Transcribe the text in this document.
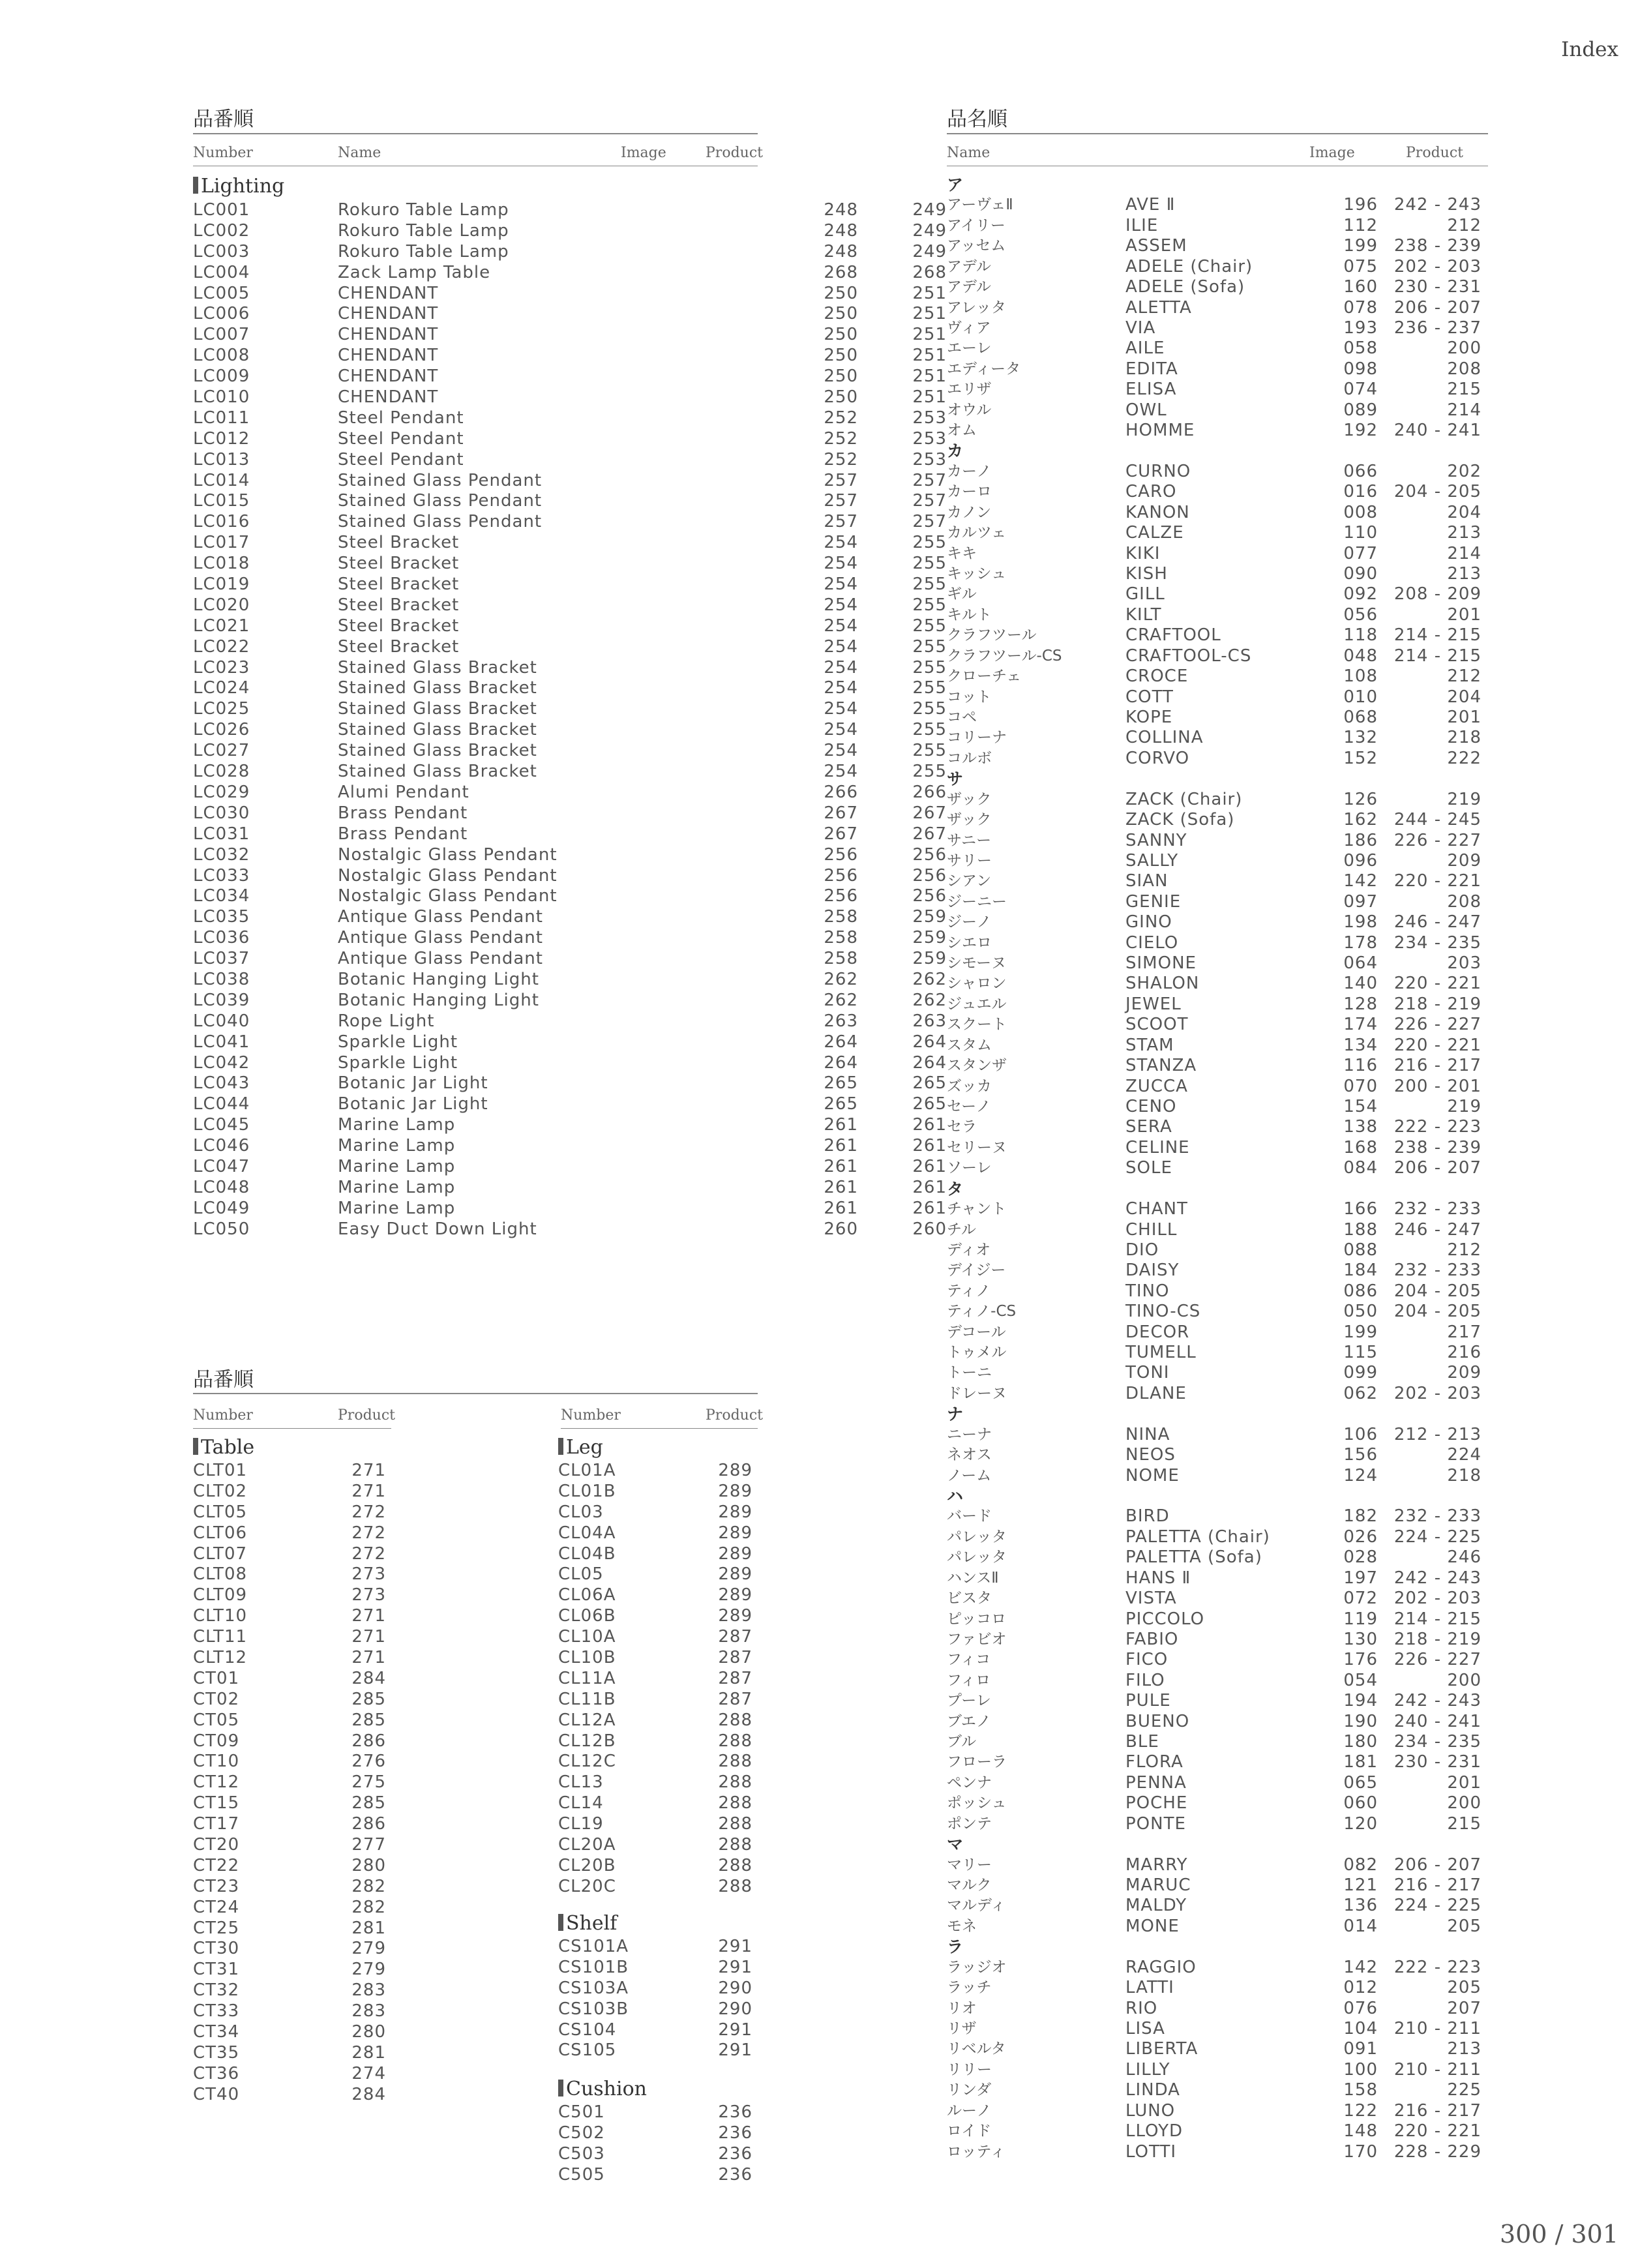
Index
300 / 301
品番順
Number	Name	Image	Product
Lighting
LC001	Rokuro Table Lamp	248	249
LC002	Rokuro Table Lamp	248	249
LC003	Rokuro Table Lamp	248	249
LC004	Zack Lamp Table	268	268
LC005	CHENDANT	250	251
LC006	CHENDANT	250	251
LC007	CHENDANT	250	251
LC008	CHENDANT	250	251
LC009	CHENDANT	250	251
LC010	CHENDANT	250	251
LC011	Steel Pendant	252	253
LC012	Steel Pendant	252	253
LC013	Steel Pendant	252	253
LC014	Stained Glass Pendant	257	257
LC015	Stained Glass Pendant	257	257
LC016	Stained Glass Pendant	257	257
LC017	Steel Bracket	254	255
LC018	Steel Bracket	254	255
LC019	Steel Bracket	254	255
LC020	Steel Bracket	254	255
LC021	Steel Bracket	254	255
LC022	Steel Bracket	254	255
LC023	Stained Glass Bracket	254	255
LC024	Stained Glass Bracket	254	255
LC025	Stained Glass Bracket	254	255
LC026	Stained Glass Bracket	254	255
LC027	Stained Glass Bracket	254	255
LC028	Stained Glass Bracket	254	255
LC029	Alumi Pendant	266	266
LC030	Brass Pendant	267	267
LC031	Brass Pendant	267	267
LC032	Nostalgic Glass Pendant	256	256
LC033	Nostalgic Glass Pendant	256	256
LC034	Nostalgic Glass Pendant	256	256
LC035	Antique Glass Pendant	258	259
LC036	Antique Glass Pendant	258	259
LC037	Antique Glass Pendant	258	259
LC038	Botanic Hanging Light	262	262
LC039	Botanic Hanging Light	262	262
LC040	Rope Light	263	263
LC041	Sparkle Light	264	264
LC042	Sparkle Light	264	264
LC043	Botanic Jar Light	265	265
LC044	Botanic Jar Light	265	265
LC045	Marine Lamp	261	261
LC046	Marine Lamp	261	261
LC047	Marine Lamp	261	261
LC048	Marine Lamp	261	261
LC049	Marine Lamp	261	261
LC050	Easy Duct Down Light	260	260
品番順
Number	Product	Number	Product
Table
CLT01	271
CLT02	271
CLT05	272
CLT06	272
CLT07	272
CLT08	273
CLT09	273
CLT10	271
CLT11	271
CLT12	271
CT01	284
CT02	285
CT05	285
CT09	286
CT10	276
CT12	275
CT15	285
CT17	286
CT20	277
CT22	280
CT23	282
CT24	282
CT25	281
CT30	279
CT31	279
CT32	283
CT33	283
CT34	280
CT35	281
CT36	274
CT40	284
Leg
CL01A	289
CL01B	289
CL03	289
CL04A	289
CL04B	289
CL05	289
CL06A	289
CL06B	289
CL10A	287
CL10B	287
CL11A	287
CL11B	287
CL12A	288
CL12B	288
CL12C	288
CL13	288
CL14	288
CL19	288
CL20A	288
CL20B	288
CL20C	288
Shelf
CS101A	291
CS101B	291
CS103A	290
CS103B	290
CS104	291
CS105	291
Cushion
C501	236
C502	236
C503	236
C505	236
品名順
Name	Image	Product
ア
アーヴェⅡ	AVE Ⅱ	196 242 - 243
アイリー	ILIE	112	212
アッセム	ASSEM	199 238 - 239
アデル	ADELE (Chair)	075 202 - 203
アデル	ADELE (Sofa)	160 230 - 231
アレッタ	ALETTA	078 206 - 207
ヴィア	VIA	193 236 - 237
エーレ	AILE	058	200
エディータ	EDITA	098	208
エリザ	ELISA	074	215
オウル	OWL	089	214
オム	HOMME	192 240 - 241
カ
カーノ	CURNO	066	202
カーロ	CARO	016 204 - 205
カノン	KANON	008	204
カルツェ	CALZE	110	213
キキ	KIKI	077	214
キッシュ	KISH	090	213
ギル	GILL	092 208 - 209
キルト	KILT	056	201
クラフツール	CRAFTOOL	118 214 - 215
クラフツール-CS	CRAFTOOL-CS	048 214 - 215
クローチェ	CROCE	108	212
コット	COTT	010	204
コペ	KOPE	068	201
コリーナ	COLLINA	132	218
コルボ	CORVO	152	222
サ
ザック	ZACK (Chair)	126	219
ザック	ZACK (Sofa)	162 244 - 245
サニー	SANNY	186 226 - 227
サリー	SALLY	096	209
シアン	SIAN	142 220 - 221
ジーニー	GENIE	097	208
ジーノ	GINO	198 246 - 247
シエロ	CIELO	178 234 - 235
シモーヌ	SIMONE	064	203
シャロン	SHALON	140 220 - 221
ジュエル	JEWEL	128 218 - 219
スクート	SCOOT	174 226 - 227
スタム	STAM	134 220 - 221
スタンザ	STANZA	116 216 - 217
ズッカ	ZUCCA	070 200 - 201
セーノ	CENO	154	219
セラ	SERA	138 222 - 223
セリーヌ	CELINE	168 238 - 239
ソーレ	SOLE	084 206 - 207
タ
チャント	CHANT	166 232 - 233
チル	CHILL	188 246 - 247
ディオ	DIO	088	212
デイジー	DAISY	184 232 - 233
ティノ	TINO	086 204 - 205
ティノ-CS	TINO-CS	050 204 - 205
デコール	DECOR	199	217
トゥメル	TUMELL	115	216
トーニ	TONI	099	209
ドレーヌ	DLANE	062 202 - 203
ナ
ニーナ	NINA	106 212 - 213
ネオス	NEOS	156	224
ノーム	NOME	124	218
ハ
バード	BIRD	182 232 - 233
パレッタ	PALETTA (Chair)	026 224 - 225
パレッタ	PALETTA (Sofa)	028	246
ハンスⅡ	HANS Ⅱ	197 242 - 243
ビスタ	VISTA	072 202 - 203
ピッコロ	PICCOLO	119 214 - 215
ファビオ	FABIO	130 218 - 219
フィコ	FICO	176 226 - 227
フィロ	FILO	054	200
プーレ	PULE	194 242 - 243
ブエノ	BUENO	190 240 - 241
ブル	BLE	180 234 - 235
フローラ	FLORA	181 230 - 231
ペンナ	PENNA	065	201
ポッシュ	POCHE	060	200
ポンテ	PONTE	120	215
マ
マリー	MARRY	082 206 - 207
マルク	MARUC	121 216 - 217
マルディ	MALDY	136 224 - 225
モネ	MONE	014	205
ラ
ラッジオ	RAGGIO	142 222 - 223
ラッチ	LATTI	012	205
リオ	RIO	076	207
リザ	LISA	104 210 - 211
リベルタ	LIBERTA	091	213
リリー	LILLY	100 210 - 211
リンダ	LINDA	158	225
ルーノ	LUNO	122 216 - 217
ロイド	LLOYD	148 220 - 221
ロッティ	LOTTI	170 228 - 229
